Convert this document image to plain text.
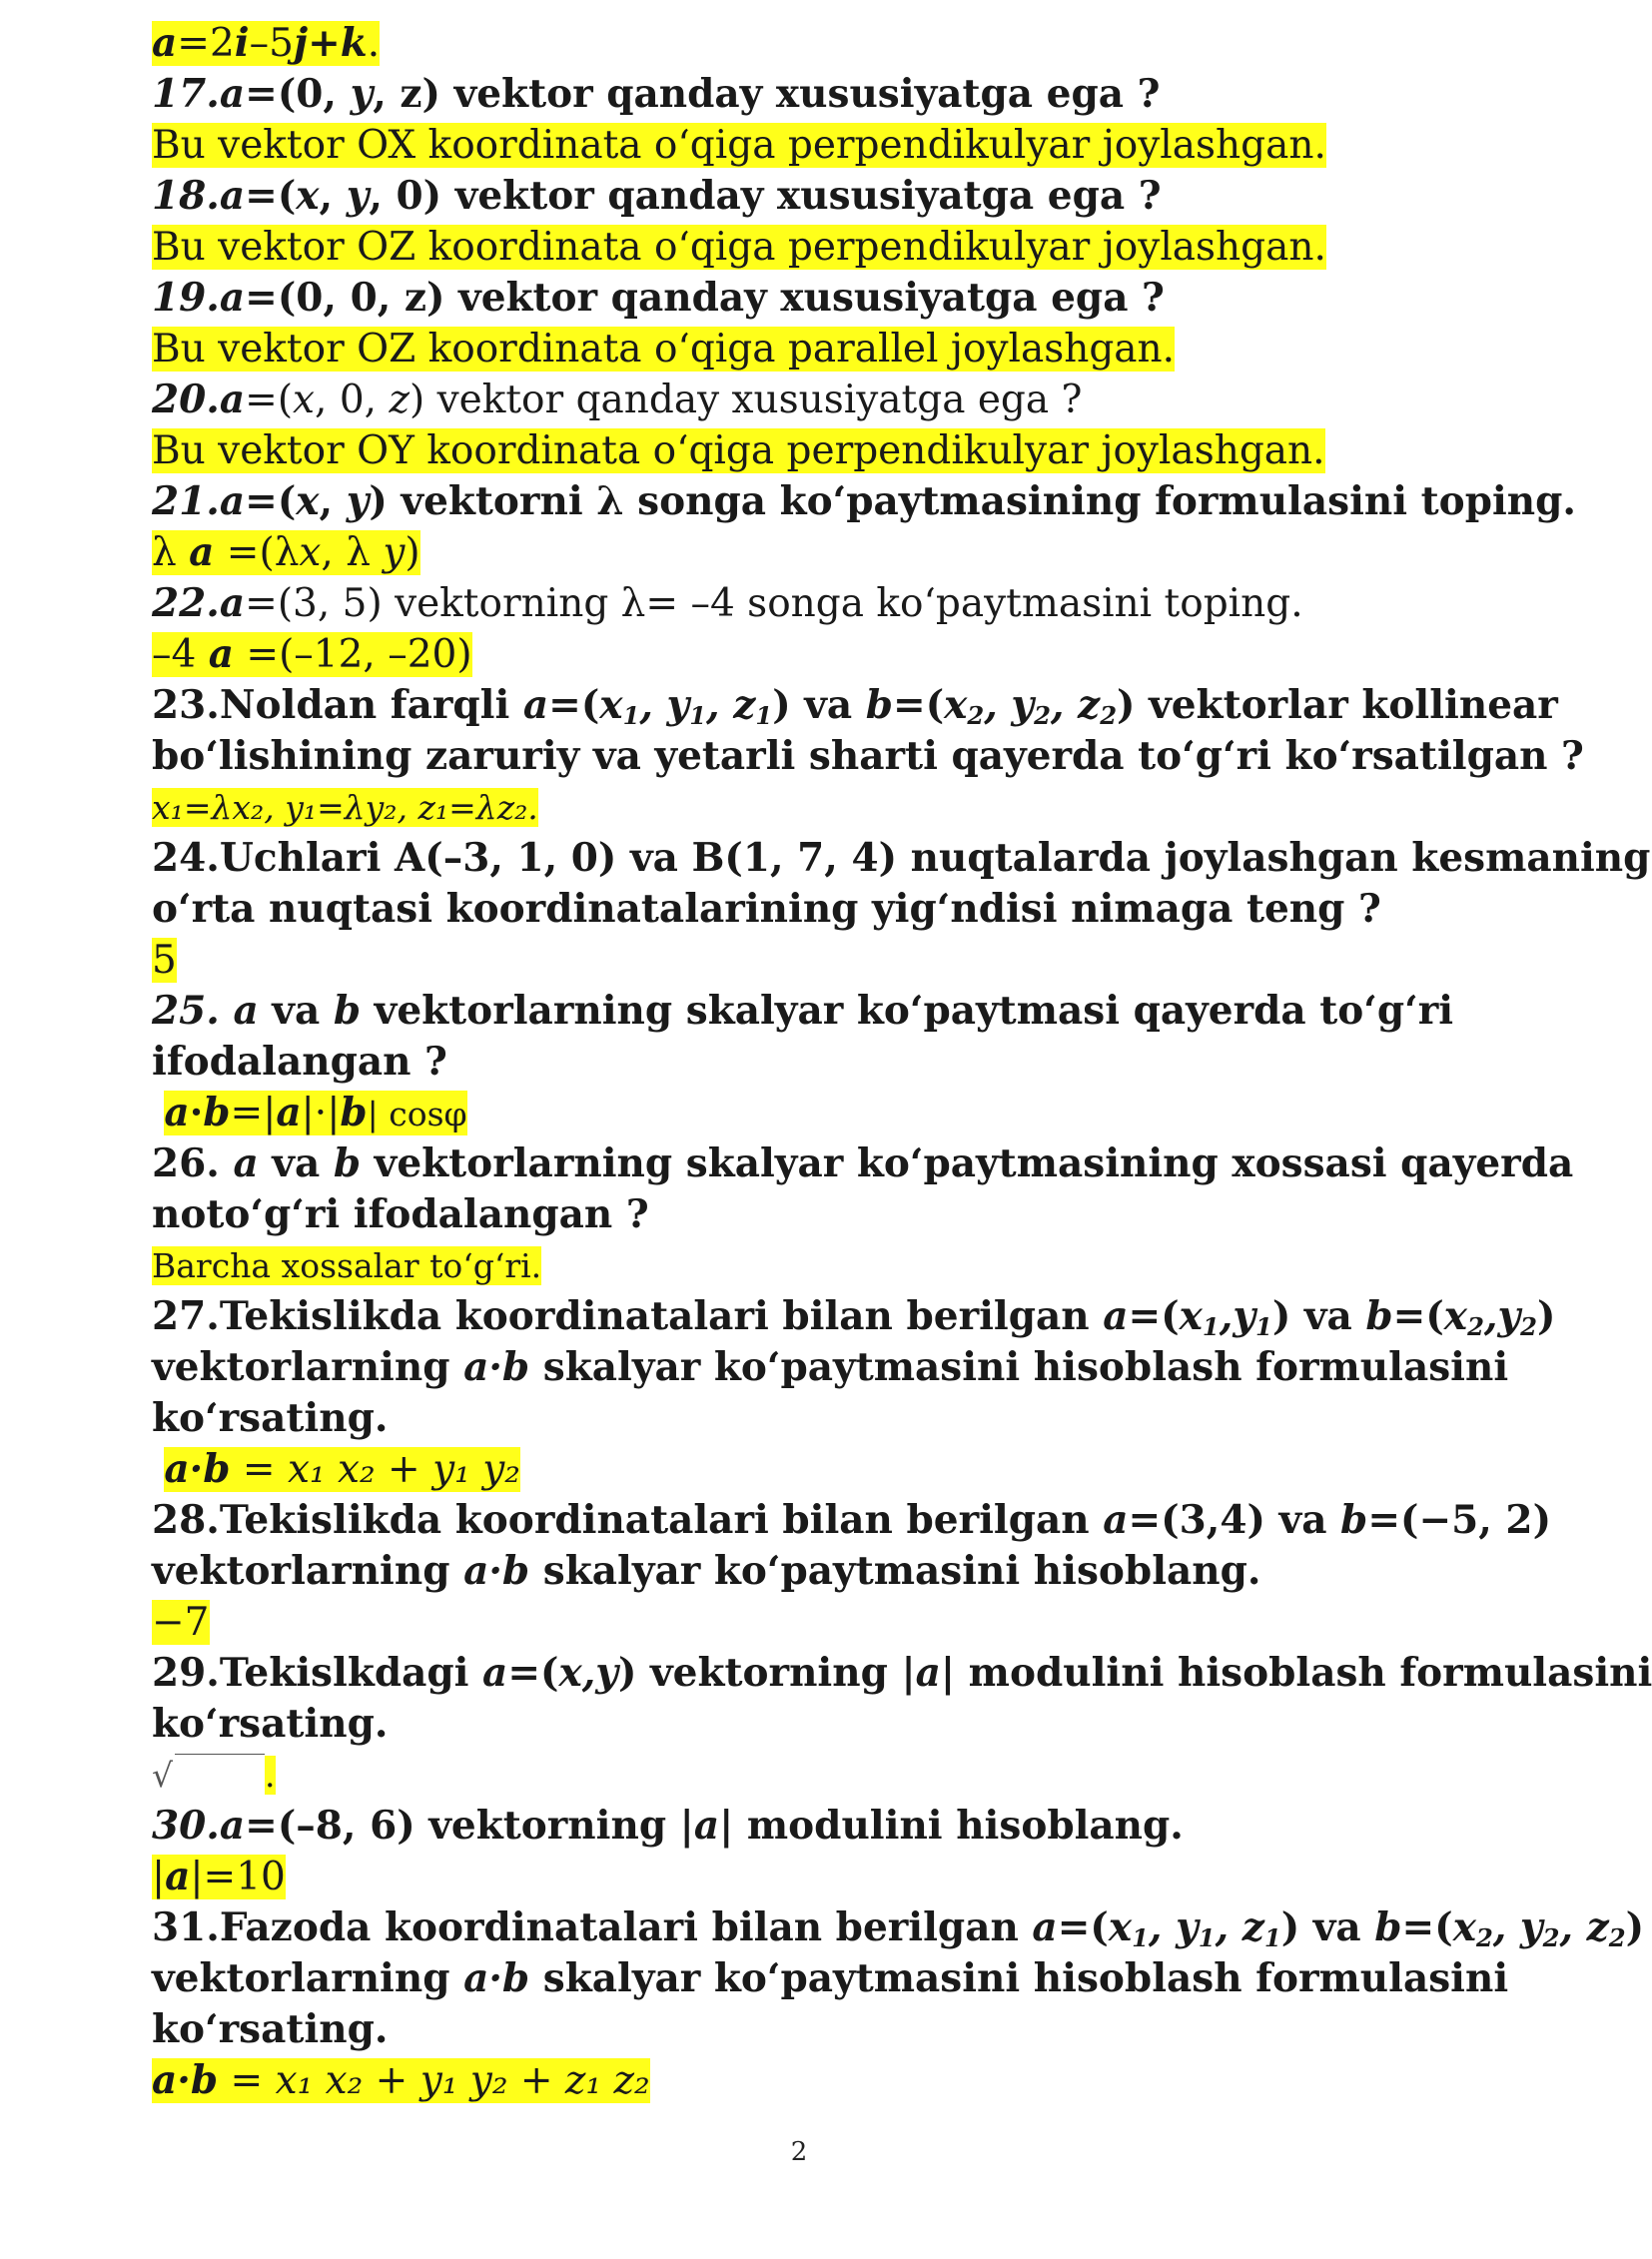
a=2i–5j+k.
17.a=(0, y, z) vektor qanday xususiyatga ega ?
Bu vektor OX koordinata oʻqiga perpendikulyar joylashgan.
18.a=(x, y, 0) vektor qanday xususiyatga ega ?
Bu vektor OZ koordinata oʻqiga perpendikulyar joylashgan.
19.a=(0, 0, z) vektor qanday xususiyatga ega ?
Bu vektor OZ koordinata oʻqiga parallel joylashgan.
20.a=(x, 0, z) vektor qanday xususiyatga ega ?
Bu vektor OY koordinata oʻqiga perpendikulyar joylashgan.
21.a=(x, y) vektorni λ songa koʻpaytmasining formulasini toping.
λ a =(λx, λ y)
22.a=(3, 5) vektorning λ= –4 songa koʻpaytmasini toping.
–4 a =(–12, –20)
23.Noldan farqli $a=(x_1$, $y_1$, $z_1$) va $b=(x_2$, $y_2$, $z_2$) vektorlar kollinear
boʻlishining zaruriy va yetarli sharti qayerda toʻgʻri koʻrsatilgan ?
x₁=λx₂, y₁=λy₂, z₁=λz₂.
24.Uchlari A(–3, 1, 0) va B(1, 7, 4) nuqtalarda joylashgan kesmaning
oʻrta nuqtasi koordinatalarining yigʻndisi nimaga teng ?
5
25. a va b vektorlarning skalyar koʻpaytmasi qayerda toʻgʻri
ifodalangan ?
a·b=|a|·|b| cosφ
26. a va b vektorlarning skalyar koʻpaytmasining xossasi qayerda
notoʻgʻri ifodalangan ?
Barcha xossalar toʻgʻri.
27.Tekislikda koordinatalari bilan berilgan $a=(x_1,y_1)$ va $b=(x_2,y_2)$
vektorlarning a·b skalyar koʻpaytmasini hisoblash formulasini
koʻrsating.
a·b = x₁ x₂ + y₁ y₂
28.Tekislikda koordinatalari bilan berilgan a=(3,4) va b=(−5, 2)
vektorlarning a·b skalyar koʻpaytmasini hisoblang.
−7
29.Tekislkdagi a=(x,y) vektorning |a| modulini hisoblash formulasini
koʻrsating.
√	.
30.a=(–8, 6) vektorning |a| modulini hisoblang.
|a|=10
31.Fazoda koordinatalari bilan berilgan $a=(x_1$, $y_1$, $z_1$) va $b=(x_2$, $y_2$, $z_2$)
vektorlarning a·b skalyar koʻpaytmasini hisoblash formulasini
koʻrsating.
a·b = x₁ x₂ + y₁ y₂ + z₁ z₂
2
